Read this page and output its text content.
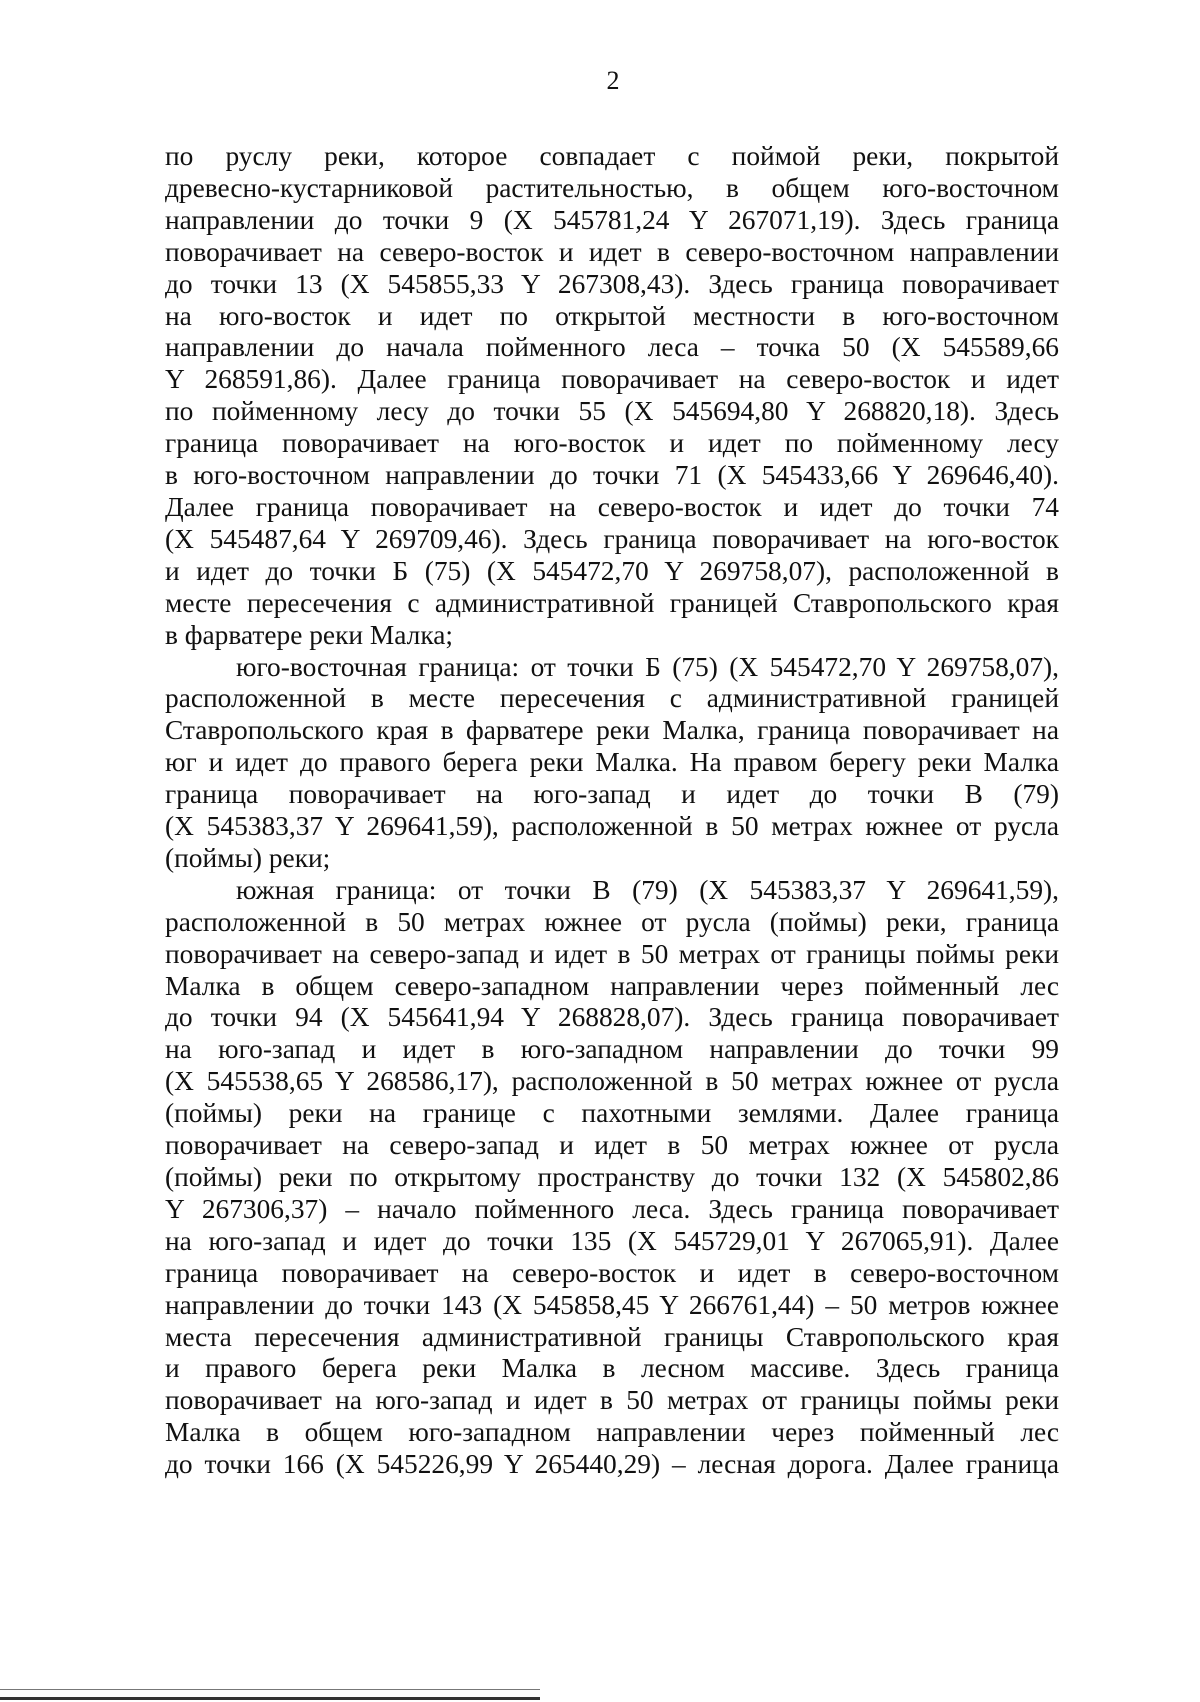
2
по руслу реки, которое совпадает с поймой реки, покрытой
древесно-кустарниковой растительностью, в общем юго-восточном
направлении до точки 9 (X 545781,24 Y 267071,19). Здесь граница
поворачивает на северо-восток и идет в северо-восточном направлении
до точки 13 (X 545855,33 Y 267308,43). Здесь граница поворачивает
на юго-восток и идет по открытой местности в юго-восточном
направлении до начала пойменного леса – точка 50 (X 545589,66
Y 268591,86). Далее граница поворачивает на северо-восток и идет
по пойменному лесу до точки 55 (X 545694,80 Y 268820,18). Здесь
граница поворачивает на юго-восток и идет по пойменному лесу
в юго-восточном направлении до точки 71 (X 545433,66 Y 269646,40).
Далее граница поворачивает на северо-восток и идет до точки 74
(X 545487,64 Y 269709,46). Здесь граница поворачивает на юго-восток
и идет до точки Б (75) (X 545472,70 Y 269758,07), расположенной в
месте пересечения с административной границей Ставропольского края
в фарватере реки Малка;
юго-восточная граница: от точки Б (75) (X 545472,70 Y 269758,07),
расположенной в месте пересечения с административной границей
Ставропольского края в фарватере реки Малка, граница поворачивает на
юг и идет до правого берега реки Малка. На правом берегу реки Малка
граница поворачивает на юго-запад и идет до точки В (79)
(X 545383,37 Y 269641,59), расположенной в 50 метрах южнее от русла
(поймы) реки;
южная граница: от точки В (79) (X 545383,37 Y 269641,59),
расположенной в 50 метрах южнее от русла (поймы) реки, граница
поворачивает на северо-запад и идет в 50 метрах от границы поймы реки
Малка в общем северо-западном направлении через пойменный лес
до точки 94 (X 545641,94 Y 268828,07). Здесь граница поворачивает
на юго-запад и идет в юго-западном направлении до точки 99
(X 545538,65 Y 268586,17), расположенной в 50 метрах южнее от русла
(поймы) реки на границе с пахотными землями. Далее граница
поворачивает на северо-запад и идет в 50 метрах южнее от русла
(поймы) реки по открытому пространству до точки 132 (X 545802,86
Y 267306,37) – начало пойменного леса. Здесь граница поворачивает
на юго-запад и идет до точки 135 (X 545729,01 Y 267065,91). Далее
граница поворачивает на северо-восток и идет в северо-восточном
направлении до точки 143 (X 545858,45 Y 266761,44) – 50 метров южнее
места пересечения административной границы Ставропольского края
и правого берега реки Малка в лесном массиве. Здесь граница
поворачивает на юго-запад и идет в 50 метрах от границы поймы реки
Малка в общем юго-западном направлении через пойменный лес
до точки 166 (X 545226,99 Y 265440,29) – лесная дорога. Далее граница
